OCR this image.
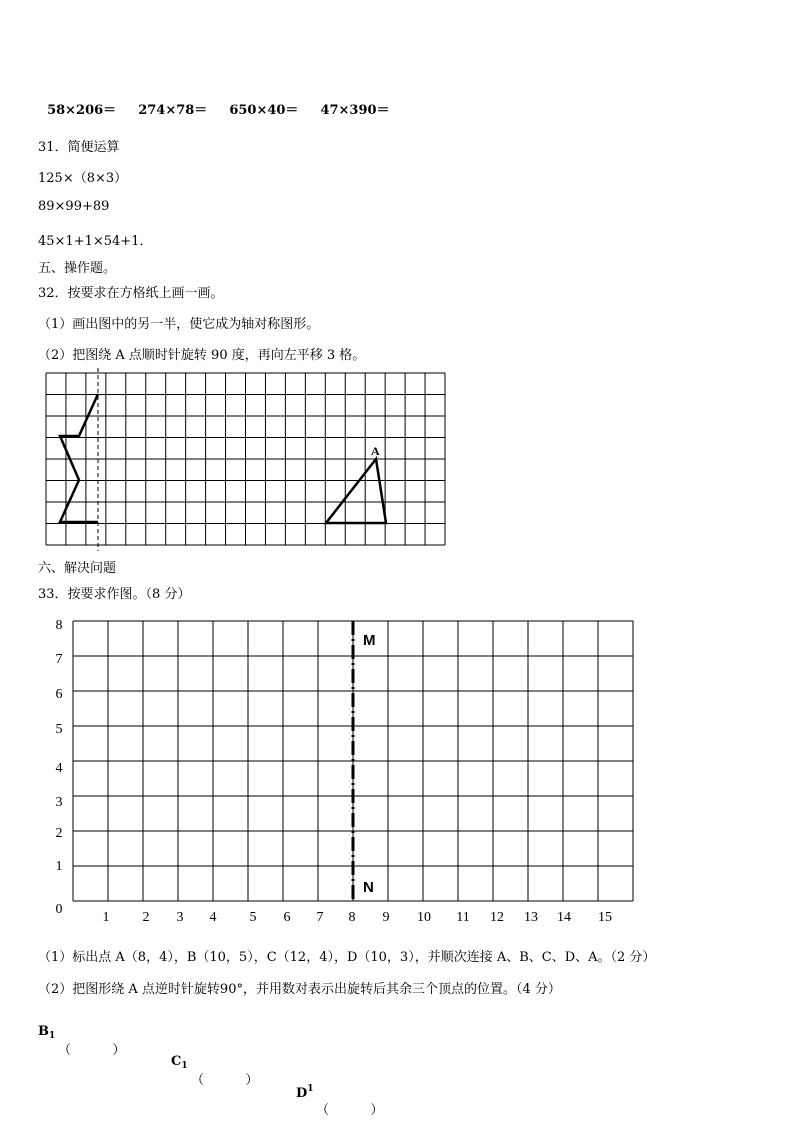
58×206＝ 274×78＝ 650×40＝ 47×390＝

31．简便运算
125×（8×3）
89×99+89
45×1+1×54+1．
五、操作题。
32．按要求在方格纸上画一画。
（1）画出图中的另一半，使它成为轴对称图形。
（2）把图绕 A 点顺时针旋转 90 度，再向左平移 3 格。
A
六、解决问题
33．按要求作图。（8 分）
1 2 3 4 5 6 7 8 9 10 11 12 13 14 15
0
1
2
3
4
5
6
7
8
M
N
（1）标出点 A（8，4），B（10，5），C（12，4），D（10，3），并顺次连接 A、B、C、D、A。（2 分）
（2）把图形绕 A 点逆时针旋转90°，并用数对表示出旋转后其余三个顶点的位置。（4 分）

$B_1$

（          ）

$C_1$

（          ）

$D^1$

（          ）
